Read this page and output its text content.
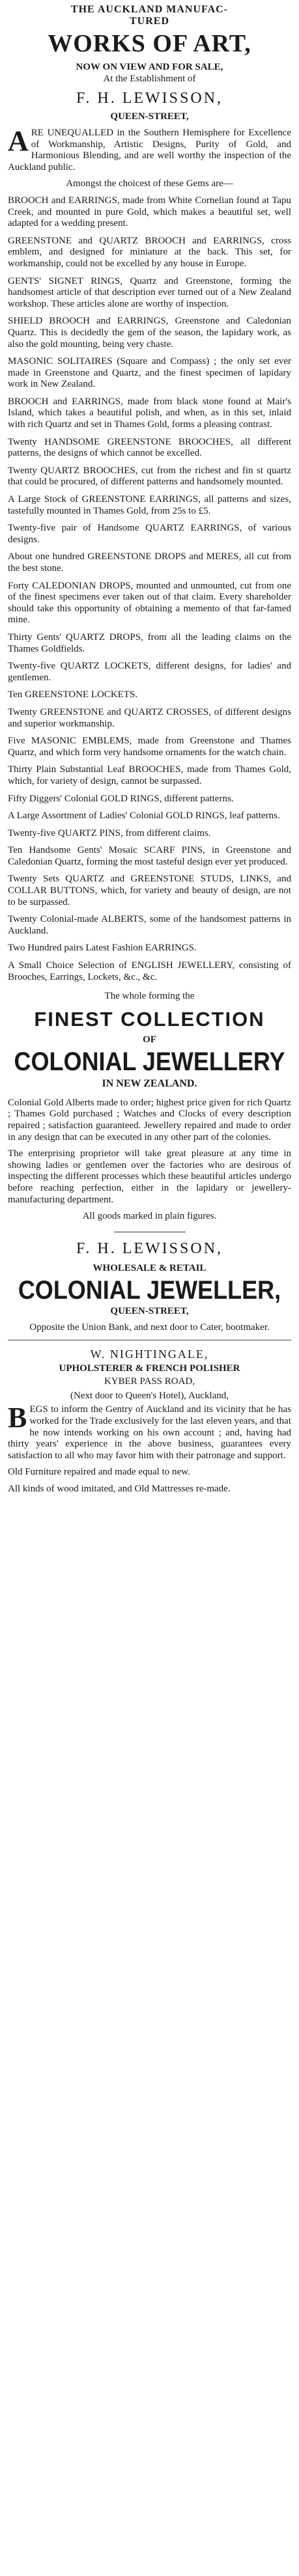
THE AUCKLAND MANUFAC-
TURED
WORKS OF ART,
NOW ON VIEW AND FOR SALE,
At the Establishment of
F. H. LEWISSON,
QUEEN-STREET,

ARE UNEQUALLED in the Southern Hemisphere for Excellence of Workmanship, Artistic Designs, Purity of Gold, and Harmonious Blending, and are well worthy the inspection of the Auckland public.

Amongst the choicest of these Gems are—

BROOCH and EARRINGS, made from White Cornelian found at Tapu Creek, and mounted in pure Gold, which makes a beautiful set, well adapted for a wedding present.

GREENSTONE and QUARTZ BROOCH and EARRINGS, cross emblem, and designed for miniature at the back. This set, for workmanship, could not be excelled by any house in Europe.

GENTS' SIGNET RINGS, Quartz and Greenstone, forming the handsomest article of that description ever turned out of a New Zealand workshop. These articles alone are worthy of inspection.

SHIELD BROOCH and EARRINGS, Greenstone and Caledonian Quartz. This is decidedly the gem of the season, the lapidary work, as also the gold mounting, being very chaste.

MASONIC SOLITAIRES (Square and Compass) ; the only set ever made in Greenstone and Quartz, and the finest specimen of lapidary work in New Zealand.

BROOCH and EARRINGS, made from black stone found at Mair's Island, which takes a beautiful polish, and when, as in this set, inlaid with rich Quartz and set in Thames Gold, forms a pleasing contrast.

Twenty HANDSOME GREENSTONE BROOCHES, all different patterns, the designs of which cannot be excelled.

Twenty QUARTZ BROOCHES, cut from the richest and fin st quartz that could be procured, of different patterns and handsomely mounted.

A Large Stock of GREENSTONE EARRINGS, all patterns and sizes, tastefully mounted in Thames Gold, from 25s to £5.

Twenty-five pair of Handsome QUARTZ EARRINGS, of various designs.

About one hundred GREENSTONE DROPS and MERES, all cut from the best stone.

Forty CALEDONIAN DROPS, mounted and unmounted, cut from one of the finest specimens ever taken out of that claim. Every shareholder should take this opportunity of obtaining a memento of that far-famed mine.

Thirty Gents' QUARTZ DROPS, from all the leading claims on the Thames Goldfields.

Twenty-five QUARTZ LOCKETS, different designs, for ladies' and gentlemen.

Ten GREENSTONE LOCKETS.

Twenty GREENSTONE and QUARTZ CROSSES, of different designs and superior workmanship.

Five MASONIC EMBLEMS, made from Greenstone and Thames Quartz, and which form very handsome ornaments for the watch chain.

Thirty Plain Substantial Leaf BROOCHES, made from Thames Gold, which, for variety of design, cannot be surpassed.

Fifty Diggers' Colonial GOLD RINGS, different patterns.

A Large Assortment of Ladies' Colonial GOLD RINGS, leaf patterns.

Twenty-five QUARTZ PINS, from different claims.

Ten Handsome Gents' Mosaic SCARF PINS, in Greenstone and Caledonian Quartz, forming the most tasteful design ever yet produced.

Twenty Sets QUARTZ and GREENSTONE STUDS, LINKS, and COLLAR BUTTONS, which, for variety and beauty of design, are not to be surpassed.

Twenty Colonial-made ALBERTS, some of the handsomest patterns in Auckland.

Two Hundred pairs Latest Fashion EARRINGS.

A Small Choice Selection of ENGLISH JEWELLERY, consisting of Brooches, Earrings, Lockets, &c., &c.

The whole forming the
FINEST COLLECTION
OF
COLONIAL JEWELLERY
IN NEW ZEALAND.

Colonial Gold Alberts made to order; highest price given for rich Quartz ; Thames Gold purchased ; Watches and Clocks of every description repaired ; satisfaction guaranteed. Jewellery repaired and made to order in any design that can be executed in any other part of the colonies.

The enterprising proprietor will take great pleasure at any time in showing ladies or gentlemen over the factories who are desirous of inspecting the different processes which these beautiful articles undergo before reaching perfection, either in the lapidary or jewellery-manufacturing department.

All goods marked in plain figures.

F. H. LEWISSON,
WHOLESALE & RETAIL
COLONIAL JEWELLER,
QUEEN-STREET,

Opposite the Union Bank, and next door to Cater, bootmaker.

W. NIGHTINGALE,
UPHOLSTERER & FRENCH POLISHER
KYBER PASS ROAD,
(Next door to Queen's Hotel), Auckland,

BEGS to inform the Gentry of Auckland and its vicinity that he has worked for the Trade exclusively for the last eleven years, and that he now intends working on his own account ; and, having had thirty years' experience in the above business, guarantees every satisfaction to all who may favor him with their patronage and support.

Old Furniture repaired and made equal to new.

All kinds of wood imitated, and Old Mattresses re-made.
